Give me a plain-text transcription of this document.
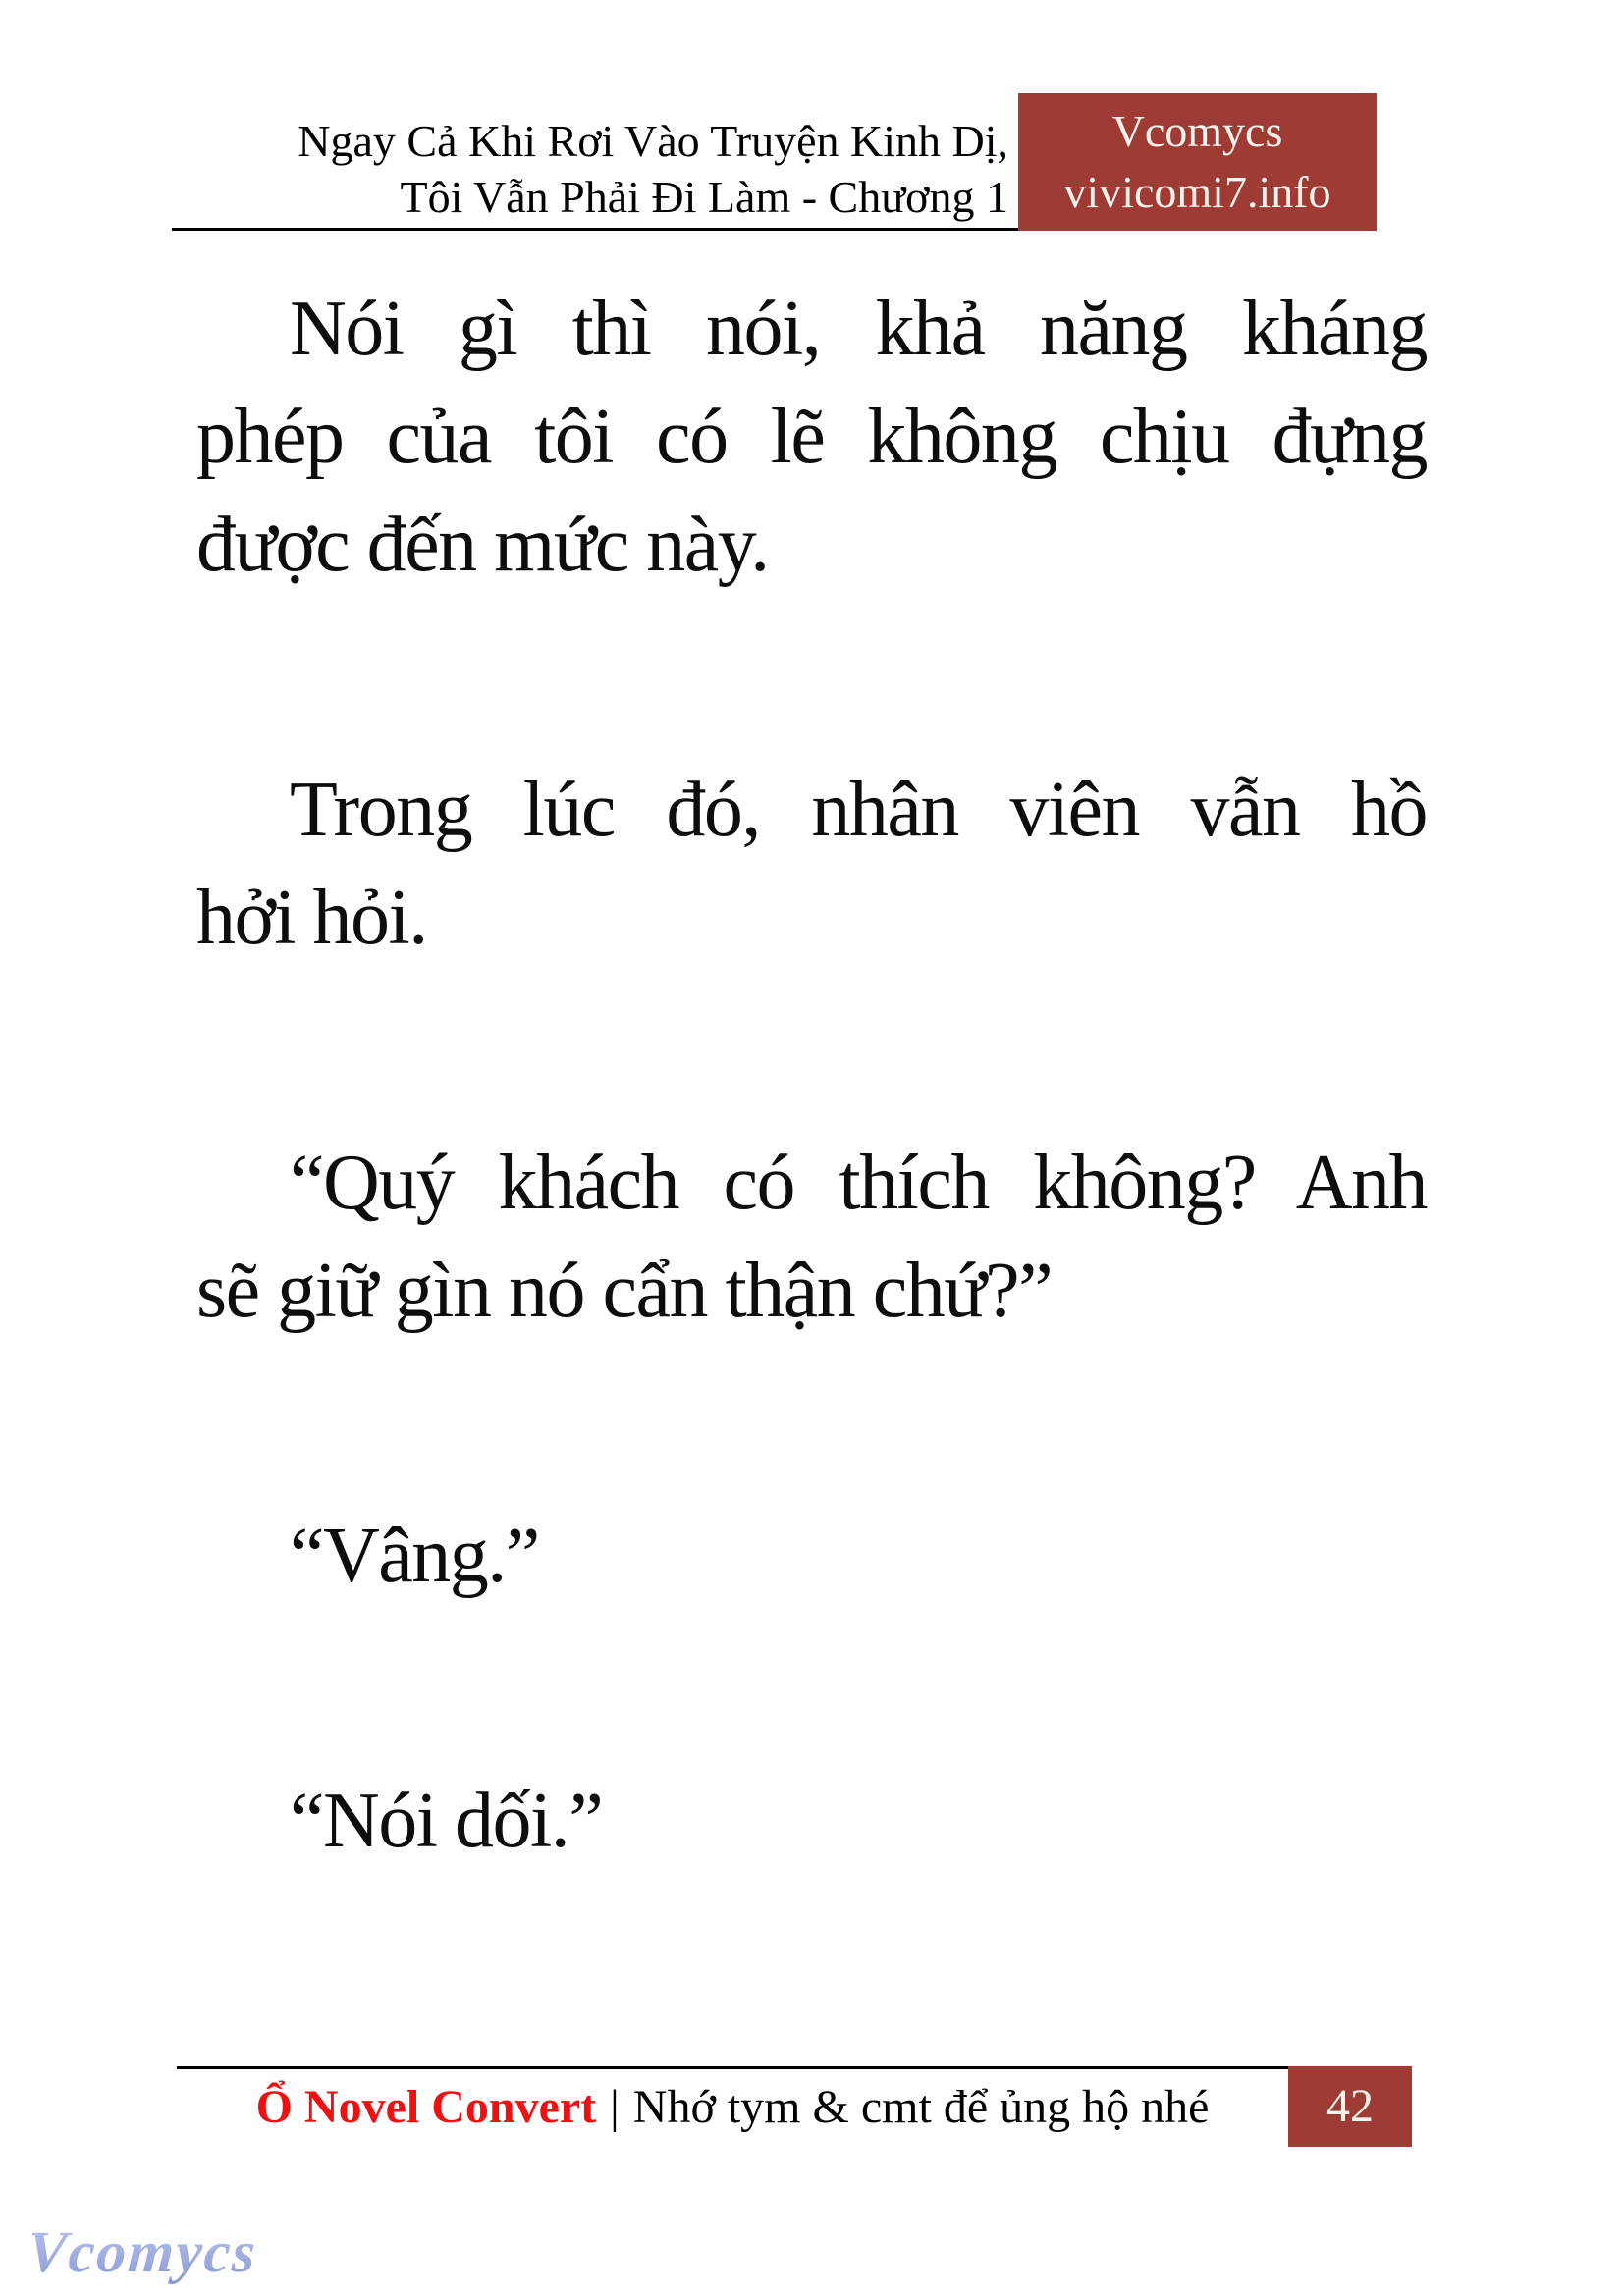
Ngay Cả Khi Rơi Vào Truyện Kinh Dị,
Tôi Vẫn Phải Đi Làm - Chương 1
Vcomycs
vivicomi7.info
Nói gì thì nói, khả năng kháng
phép của tôi có lẽ không chịu đựng
được đến mức này.
Trong lúc đó, nhân viên vẫn hồ
hởi hỏi.
“Quý khách có thích không? Anh
sẽ giữ gìn nó cẩn thận chứ?”
“Vâng.”
“Nói dối.”
Ổ Novel Convert | Nhớ tym & cmt để ủng hộ nhé	42
Vcomycs
